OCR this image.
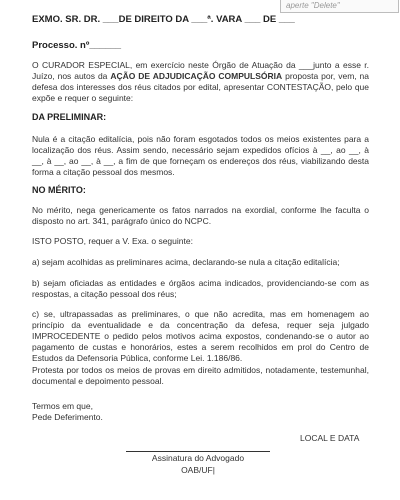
aperte "Delete"
EXMO. SR. DR. ___DE DIREITO DA ___ª. VARA ___ DE ___
Processo. nº______

O CURADOR ESPECIAL, em exercício neste Órgão de Atuação da ___junto a esse r. Juízo, nos autos da AÇÃO DE ADJUDICAÇÃO COMPULSÓRIA proposta por, vem, na defesa dos interesses dos réus citados por edital, apresentar CONTESTAÇÃO, pelo que expõe e requer o seguinte:

DA PRELIMINAR:

Nula é a citação editalícia, pois não foram esgotados todos os meios existentes para a localização dos réus. Assim sendo, necessário sejam expedidos ofícios à __, ao __, à __, à __, ao __, à __, a fim de que forneçam os endereços dos réus, viabilizando desta forma a citação pessoal dos mesmos.

NO MÉRITO:

No mérito, nega genericamente os fatos narrados na exordial, conforme lhe faculta o disposto no art. 341, parágrafo único do NCPC.

ISTO POSTO, requer a V. Exa. o seguinte:

a) sejam acolhidas as preliminares acima, declarando-se nula a citação editalícia;

b) sejam oficiadas as entidades e órgãos acima indicados, providenciando-se com as respostas, a citação pessoal dos réus;

c) se, ultrapassadas as preliminares, o que não acredita, mas em homenagem ao princípio da eventualidade e da concentração da defesa, requer seja julgado IMPROCEDENTE o pedido pelos motivos acima expostos, condenando-se o autor ao pagamento de custas e honorários, estes a serem recolhidos em prol do Centro de Estudos da Defensoria Pública, conforme Lei. 1.186/86.

Protesta por todos os meios de provas em direito admitidos, notadamente, testemunhal, documental e depoimento pessoal.

Termos em que,

Pede Deferimento.

LOCAL E DATA
Assinatura do Advogado
OAB/UF|
